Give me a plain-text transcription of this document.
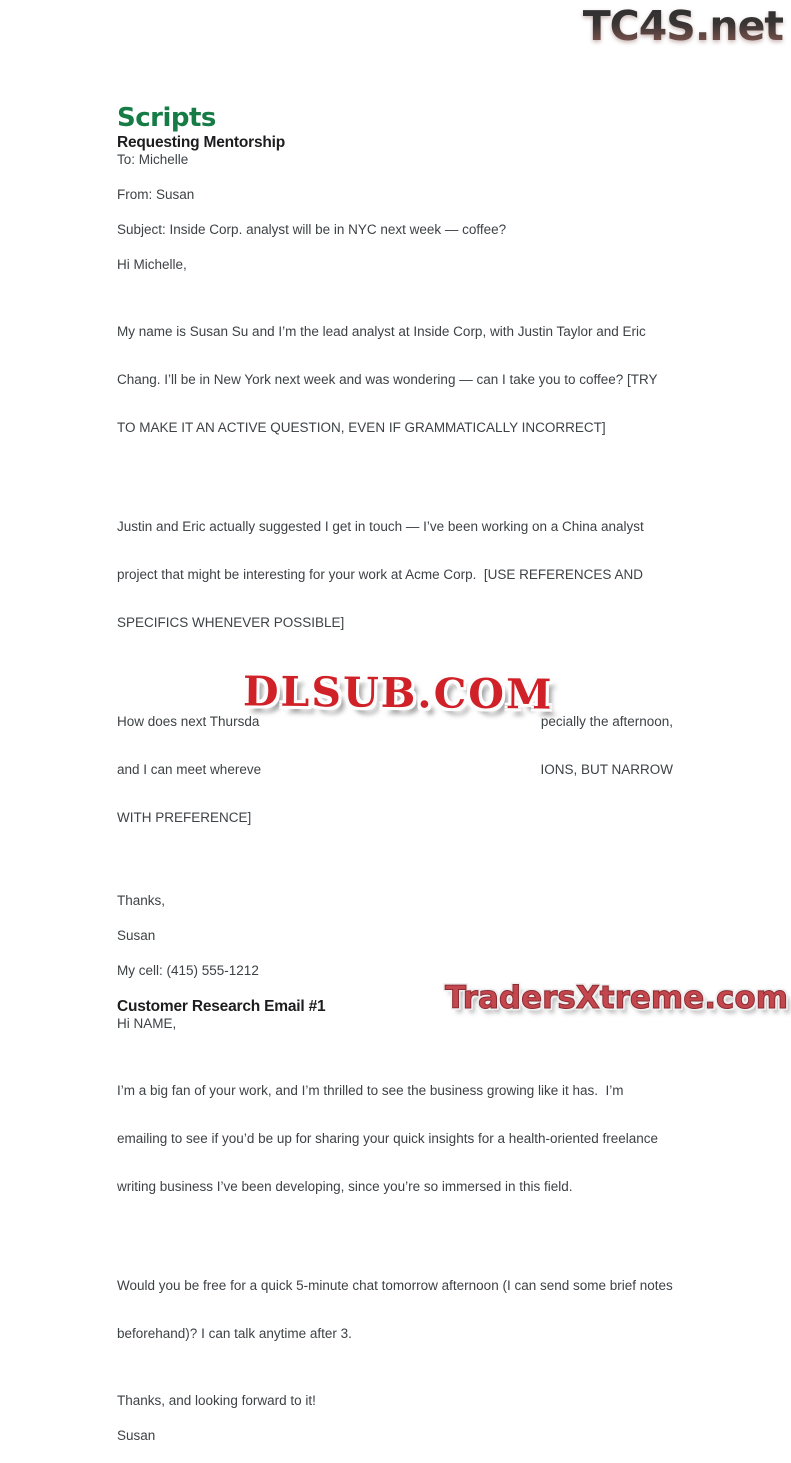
TC4S.net
Scripts
Requesting Mentorship

To: Michelle

From: Susan

Subject: Inside Corp. analyst will be in NYC next week — coffee?

Hi Michelle,

My name is Susan Su and I’m the lead analyst at Inside Corp, with Justin Taylor and Eric

Chang. I’ll be in New York next week and was wondering — can I take you to coffee? [TRY

TO MAKE IT AN ACTIVE QUESTION, EVEN IF GRAMMATICALLY INCORRECT]

Justin and Eric actually suggested I get in touch — I’ve been working on a China analyst

project that might be interesting for your work at Acme Corp.  [USE REFERENCES AND

SPECIFICS WHENEVER POSSIBLE]

How does next Thursda	pecially the afternoon,

and I can meet whereve	IONS, BUT NARROW

WITH PREFERENCE]

DLSUB.COM

Thanks,

Susan

My cell: (415) 555-1212

Customer Research Email #1

Hi NAME,

I’m a big fan of your work, and I’m thrilled to see the business growing like it has.  I’m

emailing to see if you’d be up for sharing your quick insights for a health-oriented freelance

writing business I’ve been developing, since you’re so immersed in this field.

Would you be free for a quick 5-minute chat tomorrow afternoon (I can send some brief notes

beforehand)? I can talk anytime after 3.

Thanks, and looking forward to it!

Susan

TradersXtreme.com
